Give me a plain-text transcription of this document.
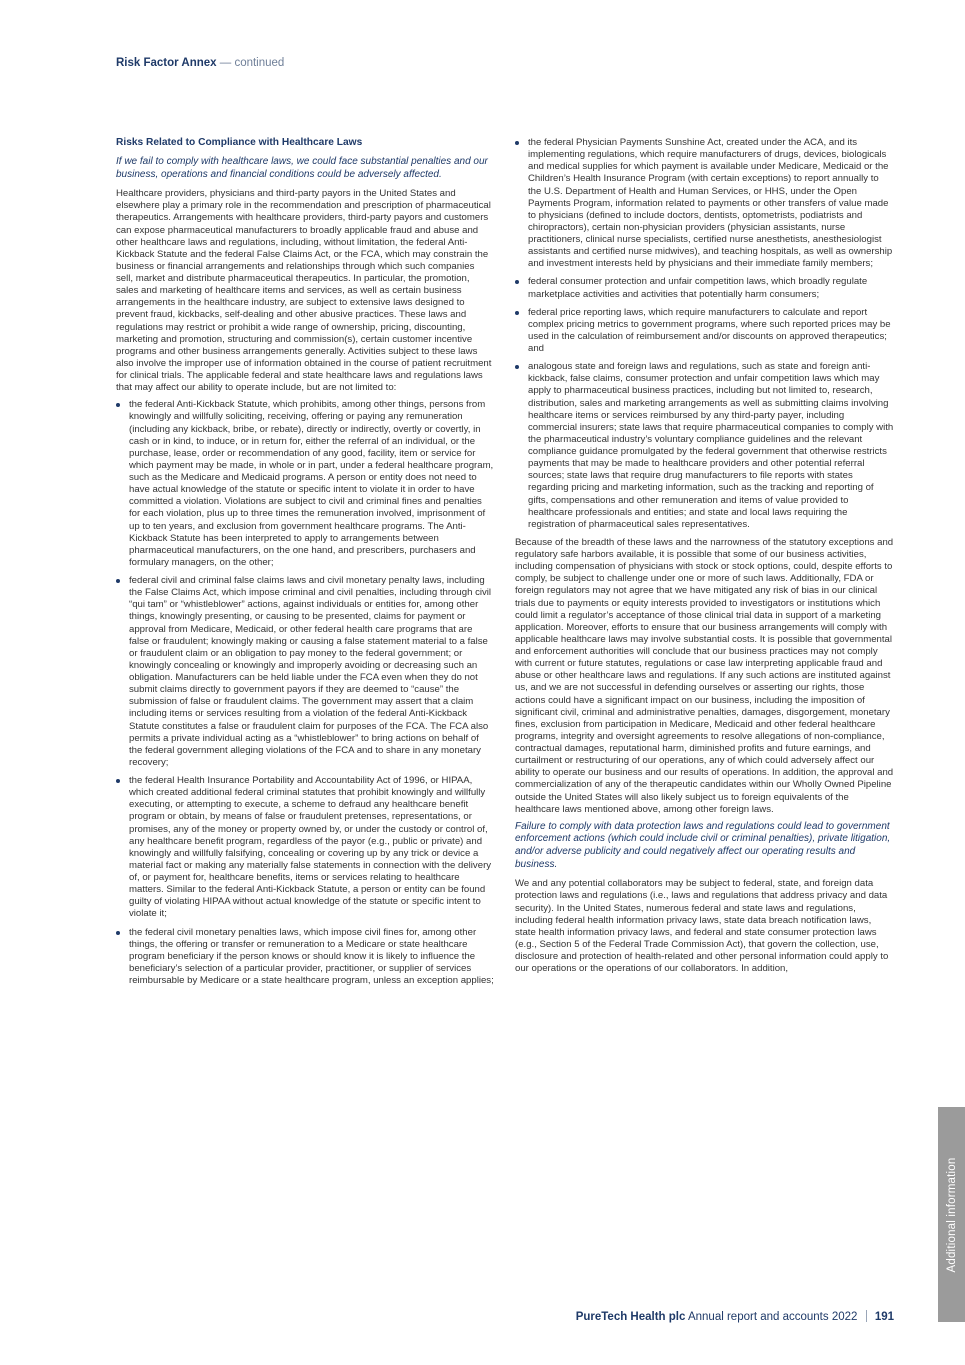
Risk Factor Annex — continued
Risks Related to Compliance with Healthcare Laws

If we fail to comply with healthcare laws, we could face substantial penalties and our business, operations and financial conditions could be adversely affected.

Healthcare providers, physicians and third-party payors in the United States and elsewhere play a primary role in the recommendation and prescription of pharmaceutical therapeutics. Arrangements with healthcare providers, third-party payors and customers can expose pharmaceutical manufacturers to broadly applicable fraud and abuse and other healthcare laws and regulations, including, without limitation, the federal Anti-Kickback Statute and the federal False Claims Act, or the FCA, which may constrain the business or financial arrangements and relationships through which such companies sell, market and distribute pharmaceutical therapeutics. In particular, the promotion, sales and marketing of healthcare items and services, as well as certain business arrangements in the healthcare industry, are subject to extensive laws designed to prevent fraud, kickbacks, self-dealing and other abusive practices. These laws and regulations may restrict or prohibit a wide range of ownership, pricing, discounting, marketing and promotion, structuring and commission(s), certain customer incentive programs and other business arrangements generally. Activities subject to these laws also involve the improper use of information obtained in the course of patient recruitment for clinical trials. The applicable federal and state healthcare laws and regulations laws that may affect our ability to operate include, but are not limited to:

the federal Anti-Kickback Statute, which prohibits, among other things, persons from knowingly and willfully soliciting, receiving, offering or paying any remuneration (including any kickback, bribe, or rebate), directly or indirectly, overtly or covertly, in cash or in kind, to induce, or in return for, either the referral of an individual, or the purchase, lease, order or recommendation of any good, facility, item or service for which payment may be made, in whole or in part, under a federal healthcare program, such as the Medicare and Medicaid programs. A person or entity does not need to have actual knowledge of the statute or specific intent to violate it in order to have committed a violation. Violations are subject to civil and criminal fines and penalties for each violation, plus up to three times the remuneration involved, imprisonment of up to ten years, and exclusion from government healthcare programs. The Anti-Kickback Statute has been interpreted to apply to arrangements between pharmaceutical manufacturers, on the one hand, and prescribers, purchasers and formulary managers, on the other;
federal civil and criminal false claims laws and civil monetary penalty laws, including the False Claims Act, which impose criminal and civil penalties, including through civil “qui tam” or “whistleblower” actions, against individuals or entities for, among other things, knowingly presenting, or causing to be presented, claims for payment or approval from Medicare, Medicaid, or other federal health care programs that are false or fraudulent; knowingly making or causing a false statement material to a false or fraudulent claim or an obligation to pay money to the federal government; or knowingly concealing or knowingly and improperly avoiding or decreasing such an obligation. Manufacturers can be held liable under the FCA even when they do not submit claims directly to government payors if they are deemed to “cause” the submission of false or fraudulent claims. The government may assert that a claim including items or services resulting from a violation of the federal Anti-Kickback Statute constitutes a false or fraudulent claim for purposes of the FCA. The FCA also permits a private individual acting as a “whistleblower” to bring actions on behalf of the federal government alleging violations of the FCA and to share in any monetary recovery;
the federal Health Insurance Portability and Accountability Act of 1996, or HIPAA, which created additional federal criminal statutes that prohibit knowingly and willfully executing, or attempting to execute, a scheme to defraud any healthcare benefit program or obtain, by means of false or fraudulent pretenses, representations, or promises, any of the money or property owned by, or under the custody or control of, any healthcare benefit program, regardless of the payor (e.g., public or private) and knowingly and willfully falsifying, concealing or covering up by any trick or device a material fact or making any materially false statements in connection with the delivery of, or payment for, healthcare benefits, items or services relating to healthcare matters. Similar to the federal Anti-Kickback Statute, a person or entity can be found guilty of violating HIPAA without actual knowledge of the statute or specific intent to violate it;
the federal civil monetary penalties laws, which impose civil fines for, among other things, the offering or transfer or remuneration to a Medicare or state healthcare program beneficiary if the person knows or should know it is likely to influence the beneficiary’s selection of a particular provider, practitioner, or supplier of services reimbursable by Medicare or a state healthcare program, unless an exception applies;
the federal Physician Payments Sunshine Act, created under the ACA, and its implementing regulations, which require manufacturers of drugs, devices, biologicals and medical supplies for which payment is available under Medicare, Medicaid or the Children’s Health Insurance Program (with certain exceptions) to report annually to the U.S. Department of Health and Human Services, or HHS, under the Open Payments Program, information related to payments or other transfers of value made to physicians (defined to include doctors, dentists, optometrists, podiatrists and chiropractors), certain non-physician providers (physician assistants, nurse practitioners, clinical nurse specialists, certified nurse anesthetists, anesthesiologist assistants and certified nurse midwives), and teaching hospitals, as well as ownership and investment interests held by physicians and their immediate family members;
federal consumer protection and unfair competition laws, which broadly regulate marketplace activities and activities that potentially harm consumers;
federal price reporting laws, which require manufacturers to calculate and report complex pricing metrics to government programs, where such reported prices may be used in the calculation of reimbursement and/or discounts on approved therapeutics; and
analogous state and foreign laws and regulations, such as state and foreign anti-kickback, false claims, consumer protection and unfair competition laws which may apply to pharmaceutical business practices, including but not limited to, research, distribution, sales and marketing arrangements as well as submitting claims involving healthcare items or services reimbursed by any third-party payer, including commercial insurers; state laws that require pharmaceutical companies to comply with the pharmaceutical industry’s voluntary compliance guidelines and the relevant compliance guidance promulgated by the federal government that otherwise restricts payments that may be made to healthcare providers and other potential referral sources; state laws that require drug manufacturers to file reports with states regarding pricing and marketing information, such as the tracking and reporting of gifts, compensations and other remuneration and items of value provided to healthcare professionals and entities; and state and local laws requiring the registration of pharmaceutical sales representatives.

Because of the breadth of these laws and the narrowness of the statutory exceptions and regulatory safe harbors available, it is possible that some of our business activities, including compensation of physicians with stock or stock options, could, despite efforts to comply, be subject to challenge under one or more of such laws. Additionally, FDA or foreign regulators may not agree that we have mitigated any risk of bias in our clinical trials due to payments or equity interests provided to investigators or institutions which could limit a regulator’s acceptance of those clinical trial data in support of a marketing application. Moreover, efforts to ensure that our business arrangements will comply with applicable healthcare laws may involve substantial costs. It is possible that governmental and enforcement authorities will conclude that our business practices may not comply with current or future statutes, regulations or case law interpreting applicable fraud and abuse or other healthcare laws and regulations. If any such actions are instituted against us, and we are not successful in defending ourselves or asserting our rights, those actions could have a significant impact on our business, including the imposition of significant civil, criminal and administrative penalties, damages, disgorgement, monetary fines, exclusion from participation in Medicare, Medicaid and other federal healthcare programs, integrity and oversight agreements to resolve allegations of non-compliance, contractual damages, reputational harm, diminished profits and future earnings, and curtailment or restructuring of our operations, any of which could adversely affect our ability to operate our business and our results of operations. In addition, the approval and commercialization of any of the therapeutic candidates within our Wholly Owned Pipeline outside the United States will also likely subject us to foreign equivalents of the healthcare laws mentioned above, among other foreign laws.

Failure to comply with data protection laws and regulations could lead to government enforcement actions (which could include civil or criminal penalties), private litigation, and/or adverse publicity and could negatively affect our operating results and business.

We and any potential collaborators may be subject to federal, state, and foreign data protection laws and regulations (i.e., laws and regulations that address privacy and data security). In the United States, numerous federal and state laws and regulations, including federal health information privacy laws, state data breach notification laws, state health information privacy laws, and federal and state consumer protection laws (e.g., Section 5 of the Federal Trade Commission Act), that govern the collection, use, disclosure and protection of health-related and other personal information could apply to our operations or the operations of our collaborators. In addition,

Additional information
PureTech Health plc Annual report and accounts 2022 191
